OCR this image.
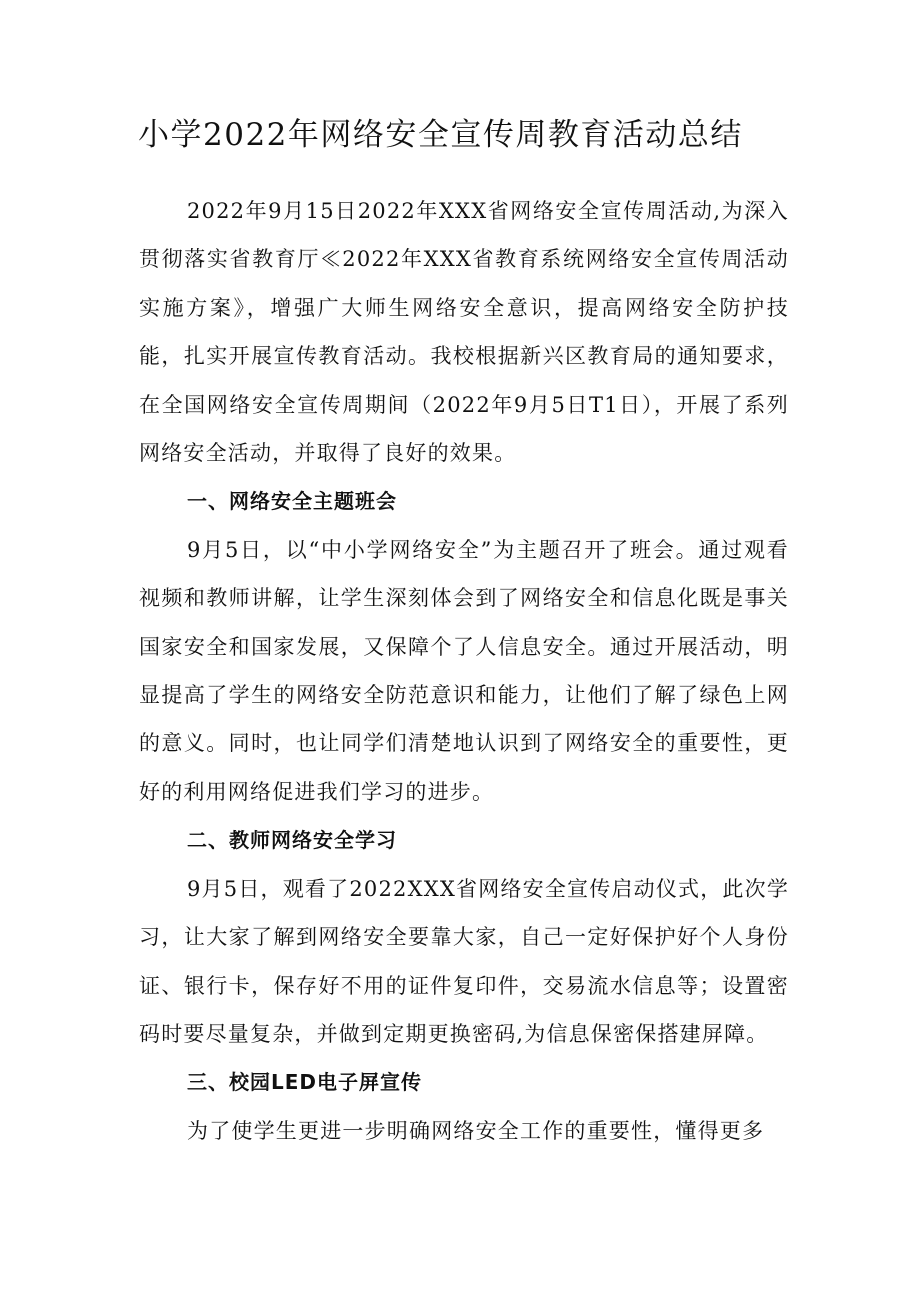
小学2022年网络安全宣传周教育活动总结

2022年9月15日2022年XXX省网络安全宣传周活动,为深入贯彻落实省教育厅≪2022年XXX省教育系统网络安全宣传周活动实施方案》，增强广大师生网络安全意识，提高网络安全防护技能，扎实开展宣传教育活动。我校根据新兴区教育局的通知要求，在全国网络安全宣传周期间（2022年9月5日T1日），开展了系列网络安全活动，并取得了良好的效果。

一、网络安全主题班会

9月5日，以“中小学网络安全”为主题召开了班会。通过观看视频和教师讲解，让学生深刻体会到了网络安全和信息化既是事关国家安全和国家发展，又保障个了人信息安全。通过开展活动，明显提高了学生的网络安全防范意识和能力，让他们了解了绿色上网的意义。同时，也让同学们清楚地认识到了网络安全的重要性，更好的利用网络促进我们学习的进步。

二、教师网络安全学习

9月5日，观看了2022XXX省网络安全宣传启动仪式，此次学习，让大家了解到网络安全要靠大家，自己一定好保护好个人身份证、银行卡，保存好不用的证件复印件，交易流水信息等；设置密码时要尽量复杂，并做到定期更换密码,为信息保密保搭建屏障。

三、校园LED电子屏宣传

为了使学生更进一步明确网络安全工作的重要性，懂得更多
